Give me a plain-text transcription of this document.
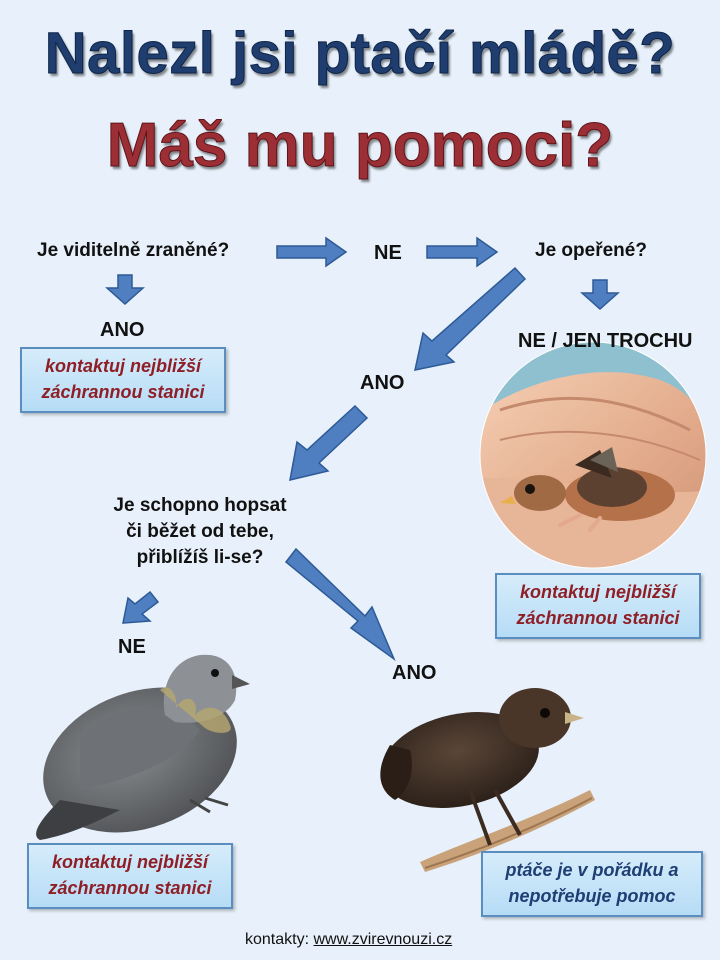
Nalezl jsi ptačí mládě?
Máš mu pomoci?
Je viditelně zraněné?	NE	Je opeřené?
ANO
kontaktuj nejbližší
záchrannou stanici
NE / JEN TROCHU
ANO
Je schopno hopsat
či běžet od tebe,
přiblížíš li-se?
kontaktuj nejbližší
záchrannou stanici
NE
ANO
kontaktuj nejbližší
záchrannou stanici
ptáče je v pořádku a
nepotřebuje pomoc
kontakty: www.zvirevnouzi.cz
